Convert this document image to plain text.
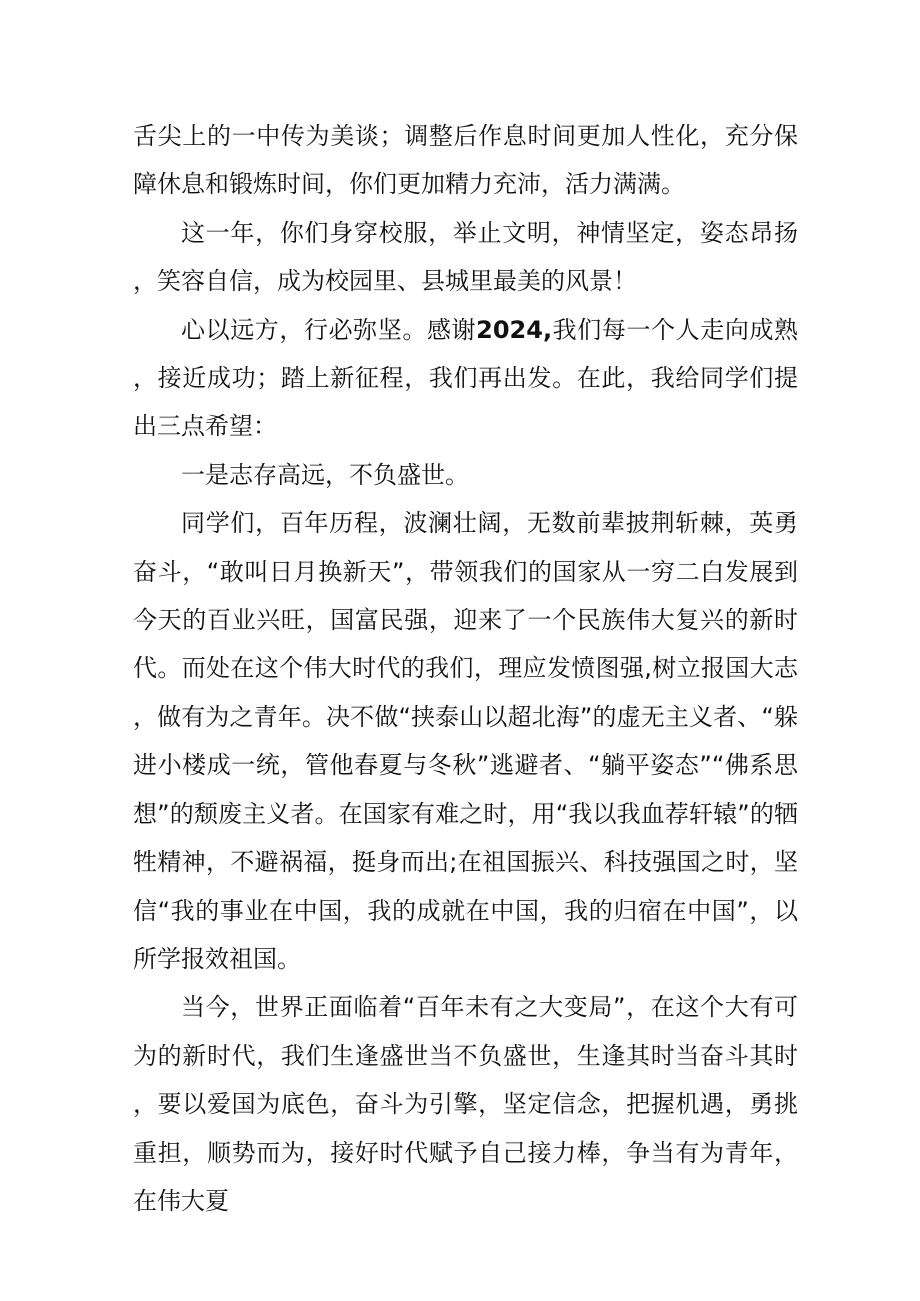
舌尖上的一中传为美谈；调整后作息时间更加人性化，充分保障休息和锻炼时间，你们更加精力充沛，活力满满。

这一年，你们身穿校服，举止文明，神情坚定，姿态昂扬，笑容自信，成为校园里、县城里最美的风景！

心以远方，行必弥坚。感谢2024,我们每一个人走向成熟，接近成功；踏上新征程，我们再出发。在此，我给同学们提出三点希望：

一是志存高远，不负盛世。

同学们，百年历程，波澜壮阔，无数前辈披荆斩棘，英勇奋斗，“敢叫日月换新天”，带领我们的国家从一穷二白发展到今天的百业兴旺，国富民强，迎来了一个民族伟大复兴的新时代。而处在这个伟大时代的我们，理应发愤图强,树立报国大志，做有为之青年。决不做“挟泰山以超北海”的虚无主义者、“躲进小楼成一统，管他春夏与冬秋”逃避者、“躺平姿态”“佛系思想”的颓废主义者。在国家有难之时，用“我以我血荐轩辕”的牺牲精神，不避祸福，挺身而出;在祖国振兴、科技强国之时，坚信“我的事业在中国，我的成就在中国，我的归宿在中国”，以所学报效祖国。

当今，世界正面临着“百年未有之大变局”，在这个大有可为的新时代，我们生逢盛世当不负盛世，生逢其时当奋斗其时，要以爱国为底色，奋斗为引擎，坚定信念，把握机遇，勇挑重担，顺势而为，接好时代赋予自己接力棒，争当有为青年，在伟大夏
